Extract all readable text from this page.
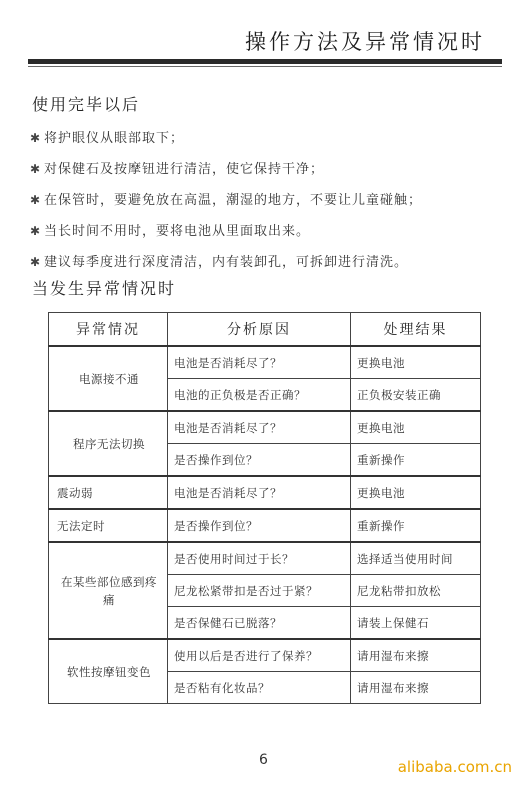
操作方法及异常情况时
使用完毕以后
✱ 将护眼仪从眼部取下；
✱ 对保健石及按摩钮进行清洁，使它保持干净；
✱ 在保管时，要避免放在高温，潮湿的地方，不要让儿童碰触；
✱ 当长时间不用时，要将电池从里面取出来。
✱ 建议每季度进行深度清洁，内有装卸孔，可拆卸进行清洗。
当发生异常情况时
异常情况	分析原因	处理结果
电源接不通	电池是否消耗尽了？	更换电池
	电池的正负极是否正确？	正负极安装正确
程序无法切换	电池是否消耗尽了？	更换电池
	是否操作到位？	重新操作
震动弱	电池是否消耗尽了？	更换电池
无法定时	是否操作到位？	重新操作
在某些部位感到疼痛	是否使用时间过于长？	选择适当使用时间
	尼龙松紧带扣是否过于紧？	尼龙粘带扣放松
	是否保健石已脱落？	请装上保健石
软性按摩钮变色	使用以后是否进行了保养？	请用湿布来擦
	是否粘有化妆品？	请用湿布来擦
6	alibaba.com.cn
